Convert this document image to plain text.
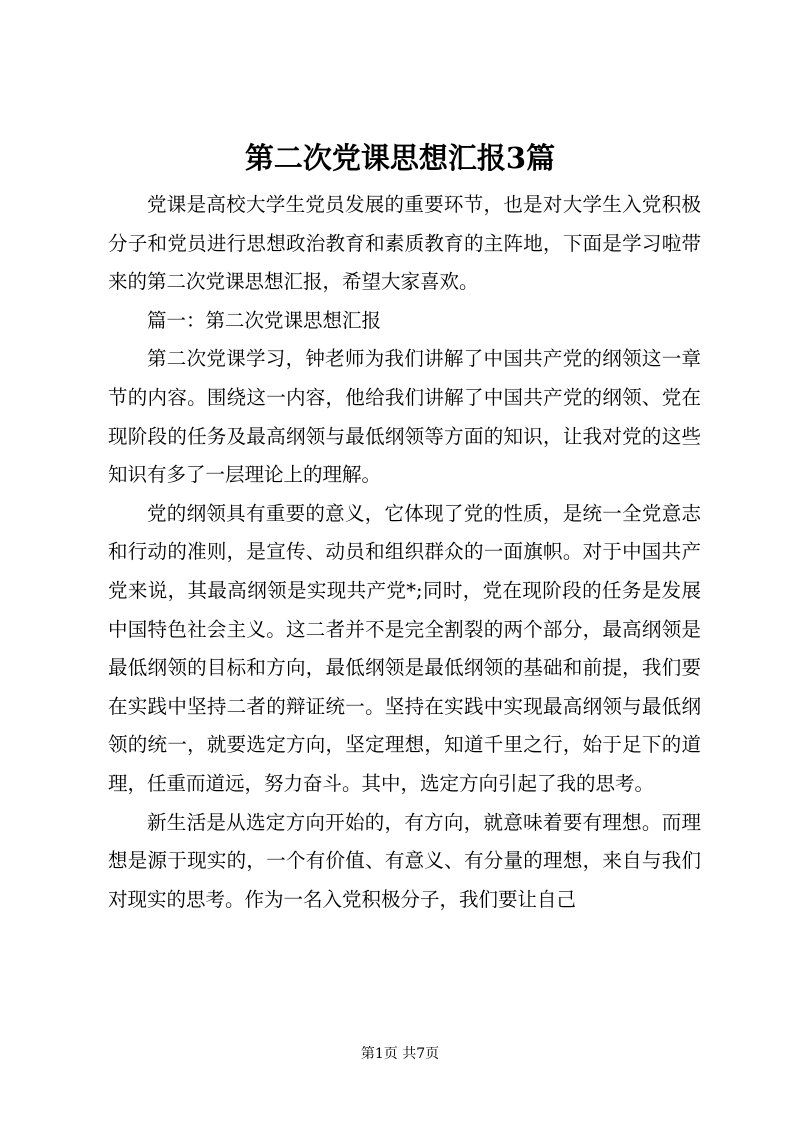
第二次党课思想汇报3篇

党课是高校大学生党员发展的重要环节，也是对大学生入党积极分子和党员进行思想政治教育和素质教育的主阵地，下面是学习啦带来的第二次党课思想汇报，希望大家喜欢。

篇一：第二次党课思想汇报

第二次党课学习，钟老师为我们讲解了中国共产党的纲领这一章节的内容。围绕这一内容，他给我们讲解了中国共产党的纲领、党在现阶段的任务及最高纲领与最低纲领等方面的知识，让我对党的这些知识有多了一层理论上的理解。

党的纲领具有重要的意义，它体现了党的性质，是统一全党意志和行动的准则，是宣传、动员和组织群众的一面旗帜。对于中国共产党来说，其最高纲领是实现共产党*;同时，党在现阶段的任务是发展中国特色社会主义。这二者并不是完全割裂的两个部分，最高纲领是最低纲领的目标和方向，最低纲领是最低纲领的基础和前提，我们要在实践中坚持二者的辩证统一。坚持在实践中实现最高纲领与最低纲领的统一，就要选定方向，坚定理想，知道千里之行，始于足下的道理，任重而道远，努力奋斗。其中，选定方向引起了我的思考。

新生活是从选定方向开始的，有方向，就意味着要有理想。而理想是源于现实的，一个有价值、有意义、有分量的理想，来自与我们对现实的思考。作为一名入党积极分子，我们要让自己

第1页 共7页
